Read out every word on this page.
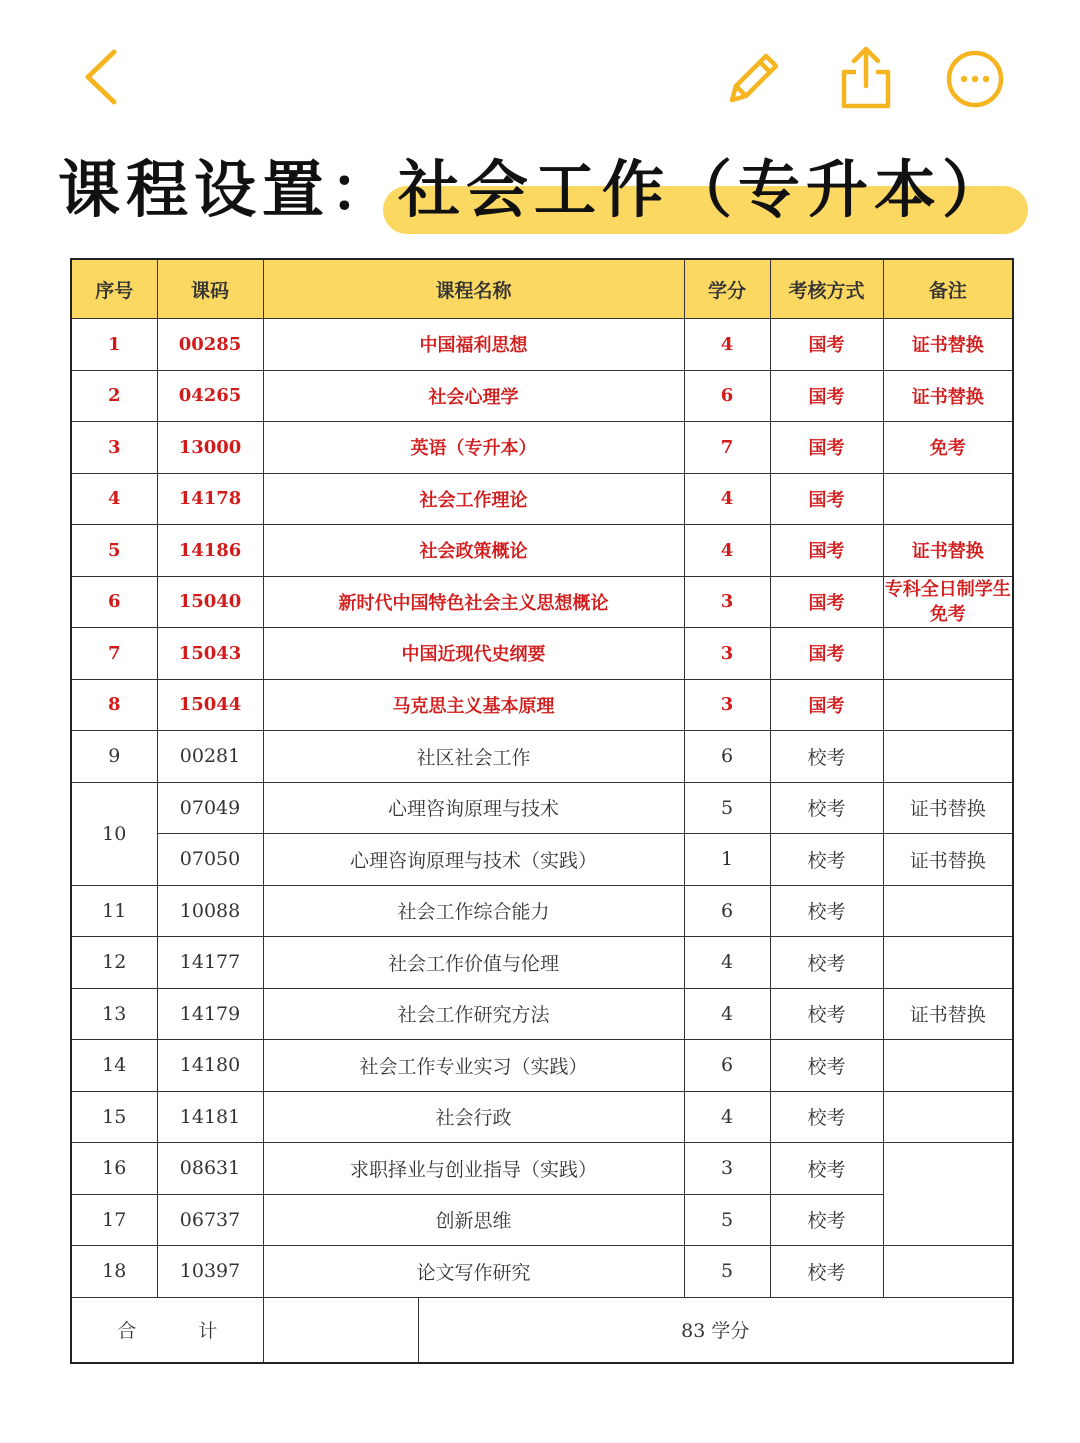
课程设置：社会工作（专升本）
序号	课码	课程名称		学分	考核方式	备注
1	00285	中国福利思想		4	国考	证书替换
2	04265	社会心理学		6	国考	证书替换
3	13000	英语（专升本）		7	国考	免考
4	14178	社会工作理论		4	国考	
5	14186	社会政策概论		4	国考	证书替换
6	15040	新时代中国特色社会主义思想概论		3	国考	专科全日制学生免考
7	15043	中国近现代史纲要		3	国考	
8	15044	马克思主义基本原理		3	国考	
9	00281	社区社会工作		6	校考	
10	07049	心理咨询原理与技术		5	校考	证书替换
	07050	心理咨询原理与技术（实践）		1	校考	证书替换
11	10088	社会工作综合能力		6	校考	
12	14177	社会工作价值与伦理		4	校考	
13	14179	社会工作研究方法		4	校考	证书替换
14	14180	社会工作专业实习（实践）		6	校考	
15	14181	社会行政		4	校考	
16	08631	求职择业与创业指导（实践）		3	校考	
17	06737	创新思维		5	校考	
18	10397	论文写作研究		5	校考	
合 计			83 学分			
